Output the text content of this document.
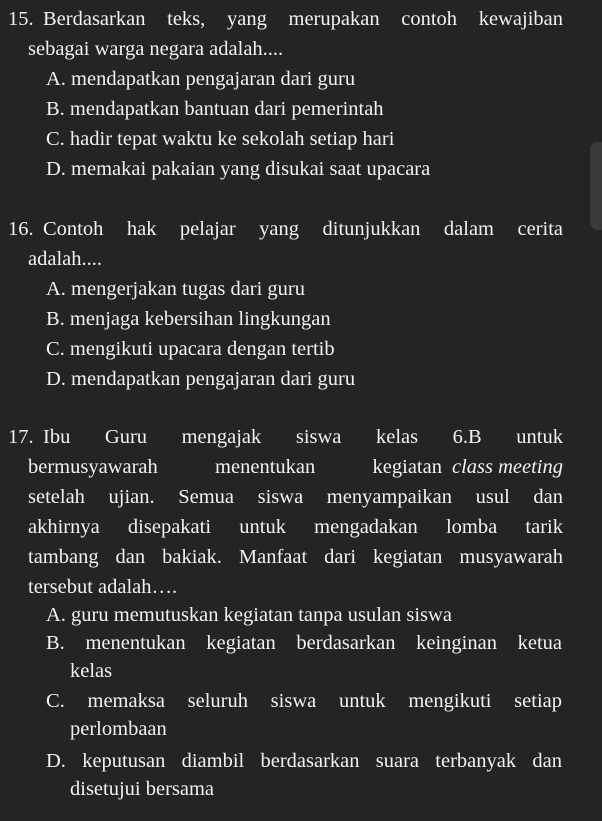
15. Berdasarkan teks, yang merupakan contoh kewajiban
sebagai warga negara adalah....
A. mendapatkan pengajaran dari guru
B. mendapatkan bantuan dari pemerintah
C. hadir tepat waktu ke sekolah setiap hari
D. memakai pakaian yang disukai saat upacara
16. Contoh hak pelajar yang ditunjukkan dalam cerita
adalah....
A. mengerjakan tugas dari guru
B. menjaga kebersihan lingkungan
C. mengikuti upacara dengan tertib
D. mendapatkan pengajaran dari guru
17. Ibu Guru mengajak siswa kelas 6.B untuk
bermusyawarah menentukan kegiatan class meeting
setelah ujian. Semua siswa menyampaikan usul dan
akhirnya disepakati untuk mengadakan lomba tarik
tambang dan bakiak. Manfaat dari kegiatan musyawarah
tersebut adalah….
A. guru memutuskan kegiatan tanpa usulan siswa
B. menentukan kegiatan berdasarkan keinginan ketua
kelas
C. memaksa seluruh siswa untuk mengikuti setiap
perlombaan
D. keputusan diambil berdasarkan suara terbanyak dan
disetujui bersama
